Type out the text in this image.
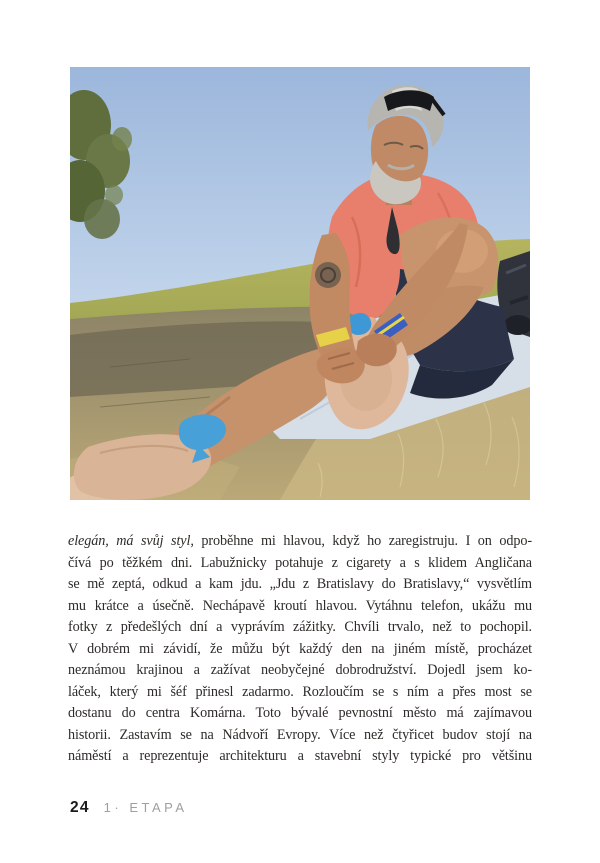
elegán, má svůj styl, proběhne mi hlavou, když ho zaregistruju. I on odpo-
čívá po těžkém dni. Labužnicky potahuje z cigarety a s klidem Angličana
se mě zeptá, odkud a kam jdu. „Jdu z Bratislavy do Bratislavy,“ vysvětlím
mu krátce a úsečně. Nechápavě kroutí hlavou. Vytáhnu telefon, ukážu mu
fotky z předešlých dní a vyprávím zážitky. Chvíli trvalo, než to pochopil.
V dobrém mi závidí, že můžu být každý den na jiném místě, procházet
neznámou krajinou a zažívat neobyčejné dobrodružství. Dojedl jsem ko-
láček, který mi šéf přinesl zadarmo. Rozloučím se s ním a přes most se
dostanu do centra Komárna. Toto bývalé pevnostní město má zajímavou
historii. Zastavím se na Nádvoří Evropy. Více než čtyřicet budov stojí na
náměstí a reprezentuje architekturu a stavební styly typické pro většinu
24 1· ETAPA
